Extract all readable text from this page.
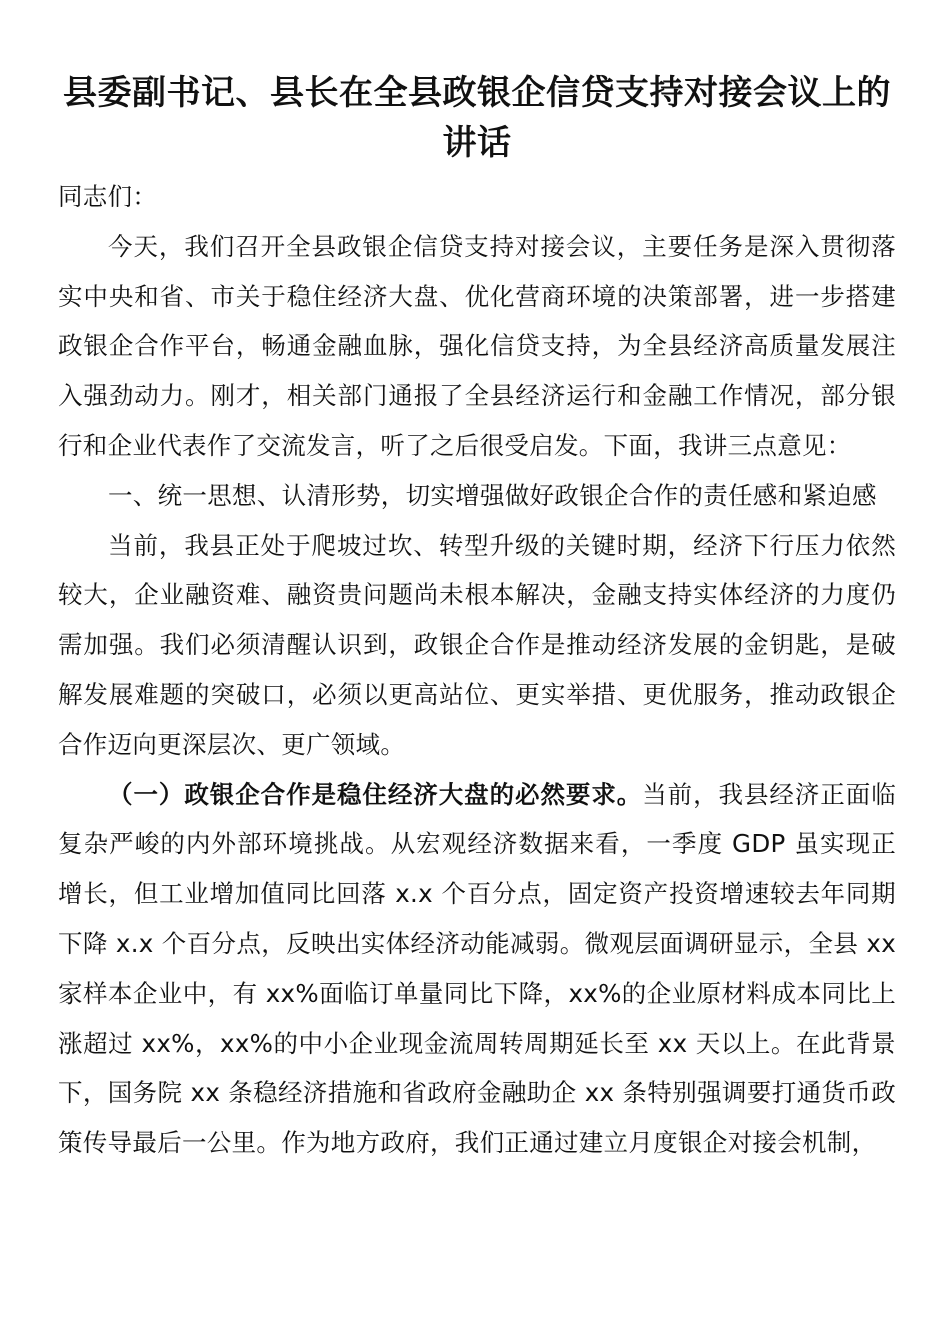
县委副书记、县长在全县政银企信贷支持对接会议上的讲话

同志们：

今天，我们召开全县政银企信贷支持对接会议，主要任务是深入贯彻落实中央和省、市关于稳住经济大盘、优化营商环境的决策部署，进一步搭建政银企合作平台，畅通金融血脉，强化信贷支持，为全县经济高质量发展注入强劲动力。刚才，相关部门通报了全县经济运行和金融工作情况，部分银行和企业代表作了交流发言，听了之后很受启发。下面，我讲三点意见：

一、统一思想、认清形势，切实增强做好政银企合作的责任感和紧迫感

当前，我县正处于爬坡过坎、转型升级的关键时期，经济下行压力依然较大，企业融资难、融资贵问题尚未根本解决，金融支持实体经济的力度仍需加强。我们必须清醒认识到，政银企合作是推动经济发展的金钥匙，是破解发展难题的突破口，必须以更高站位、更实举措、更优服务，推动政银企合作迈向更深层次、更广领域。

（一）政银企合作是稳住经济大盘的必然要求。当前，我县经济正面临复杂严峻的内外部环境挑战。从宏观经济数据来看，一季度 GDP 虽实现正增长，但工业增加值同比回落 x.x 个百分点，固定资产投资增速较去年同期下降 x.x 个百分点，反映出实体经济动能减弱。微观层面调研显示，全县 xx 家样本企业中，有 xx%面临订单量同比下降，xx%的企业原材料成本同比上涨超过 xx%，xx%的中小企业现金流周转周期延长至 xx 天以上。在此背景下，国务院 xx 条稳经济措施和省政府金融助企 xx 条特别强调要打通货币政策传导最后一公里。作为地方政府，我们正通过建立月度银企对接会机制，
